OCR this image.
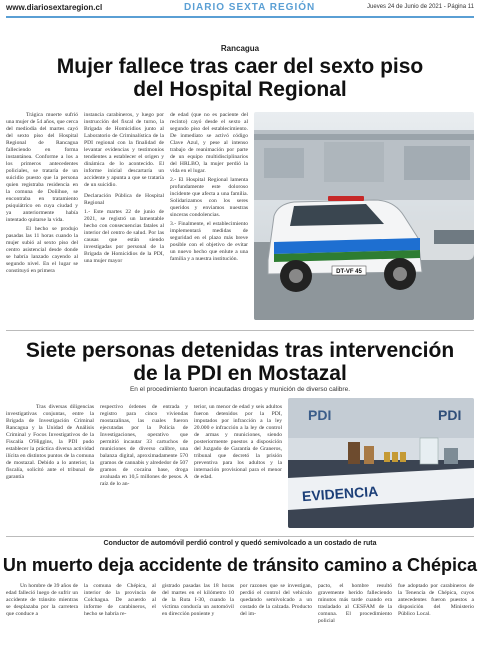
www.diariosextaregion.cl	DIARIO SEXTA REGIÓN	Jueves 24 de Junio de 2021 - Página 11
Rancagua
Mujer fallece tras caer del sexto piso
del Hospital Regional

Trágica muerte sufrió una mujer de 54 años, que cerca del mediodía del martes cayó del sexto piso del Hospital Regional de Rancagua falleciendo en forma instantánea. Conforme a los a los primeros antecedentes policiales, se trataría de un suicidio puesto que la persona quien registraba residencia en la comuna de Doñihue, se encontraba en tratamiento psiquiátrico en cuya ciudad y ya anteriormente había intentado quitarse la vida.

El hecho se produjo pasadas las 11 horas cuando la mujer subió al sexto piso del centro asistencial desde donde se habría lanzado cayendo al segundo nivel. En el lugar se constituyó en primera

instancia carabineros, y luego por instrucción del fiscal de turno, la Brigada de Homicidios junto al Laboratorio de Criminalística de la PDI regional con la finalidad de levantar evidencias y testimonios tendientes a establecer el origen y dinámica de lo acontecido. El informe inicial descartaría un accidente y apunta a que se trataría de un suicidio.

Declaración Pública de Hospital Regional

1.- Este martes 22 de junio de 2021, se registró un lamentable hecho con consecuencias fatales al interior del centro de salud. Por las causas que están siendo investigadas por personal de la Brigada de Homicidios de la PDI, una mujer mayor

de edad (que no es paciente del recinto) cayó desde el sexto al segundo piso del establecimiento. De inmediato se activó código Clave Azul, y pese al intenso trabajo de reanimación por parte de un equipo multidisciplinarios del HRLBO, la mujer perdió la vida en el lugar.

2.- El Hospital Regional lamenta profundamente este doloroso incidente que afecta a una familia. Solidarizamos con los seres queridos y enviamos nuestras sinceras condolencias.

3.- Finalmente, el establecimiento implementará medidas de seguridad en el plazo más breve posible con el objetivo de evitar un nuevo hecho que enlute a una familia y a nuestra institución.

DT-VF 45
Siete personas detenidas tras intervención
de la PDI en Mostazal
En el procedimiento fueron incautadas drogas y munición de diverso calibre.

Tras diversas diligencias investigativas conjuntas, entre la Brigada de Investigación Criminal Rancagua y la Unidad de Análisis Criminal y Focos Investigativos de la Fiscalía O'Higgins, la PDI pudo establecer la práctica diversa actividad ilícita en distintos puntos de la comuna de mostazal. Debido a lo anterior, la fiscalía, solicitó ante el tribunal de garantía

respectivo órdenes de entrada y registro para cinco viviendas mostazalinas, las cuales fueron ejecutadas por la Policía de Investigaciones, operativo que permitió incautar 33 cartuchos de municiones de diverso calibre, una balanza digital, aproximadamente 570 gramos de cannabis y alrededor de 507 gramos de cocaína base, droga avaluada en 10,5 millones de pesos. A raíz de lo an-

terior, un menor de edad y seis adultos fueron detenidos por la PDI, imputados por infracción a la ley 20.000 e infracción a la ley de control de armas y municiones, siendo posteriormente puestos a disposición del Juzgado de Garantía de Graneros, tribunal que decretó la prisión preventiva para los adultos y la internación provisional para el menor de edad.

PDI
PDI
EVIDENCIA
Conductor de automóvil perdió control y quedó semivolcado a un costado de ruta
Un muerto deja accidente de tránsito camino a Chépica

Un hombre de 39 años de edad falleció luego de sufrir un accidente de tránsito mientras se desplazaba por la carretera que conduce a

la comuna de Chépica, al interior de la provincia de Colchagua. De acuerdo al informe de carabineros, el hecho se habría re-

gistrado pasadas las 18 horas del martes en el kilómetro 10 de la Ruta I-30, cuando la víctima conducía un automóvil en dirección poniente y

por razones que se investigan, perdió el control del vehículo quedando semivolcado a un costado de la calzada. Producto del im-

pacto, el hombre resultó gravemente herido falleciendo minutos más tarde cuando era trasladado al CESFAM de la comuna. El procedimiento policial

fue adoptado por carabineros de la Tenencia de Chépica, cuyos antecedentes fueron puestos a disposición del Ministerio Público Local.
